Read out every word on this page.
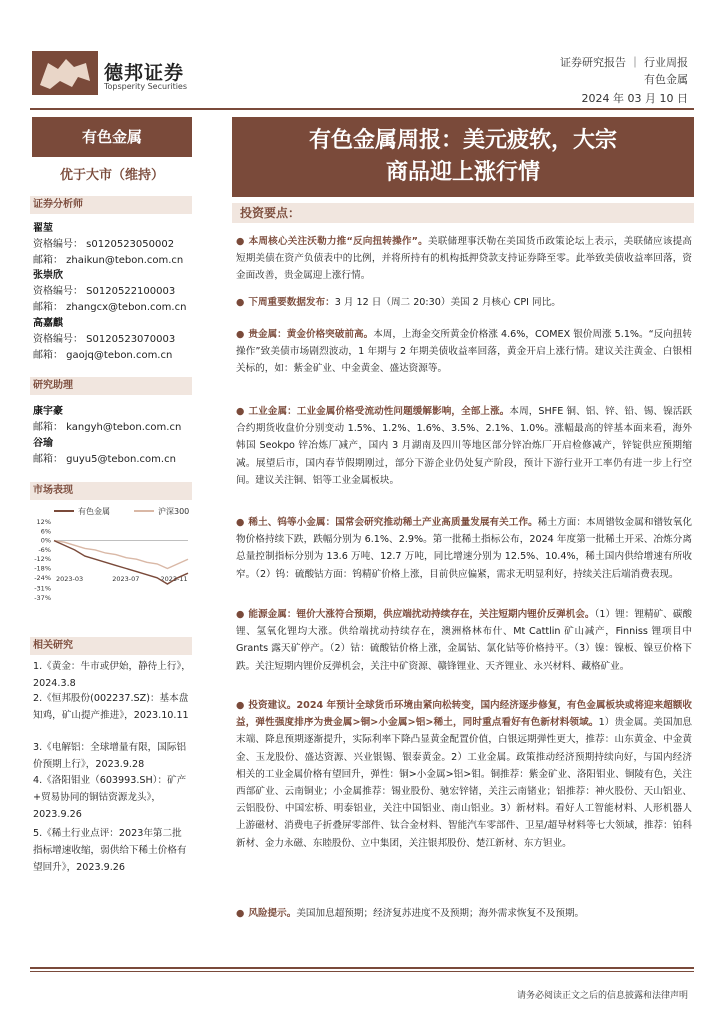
德邦证券
Topsperity Securities
证券研究报告 ｜ 行业周报
有色金属
2024 年 03 月 10 日
有色金属
优于大市（维持）
证券分析师
翟堃
资格编号： s0120523050002
邮箱： zhaikun@tebon.com.cn
张崇欣
资格编号： S0120522100003
邮箱： zhangcx@tebon.com.cn
高嘉麒
资格编号： S0120523070003
邮箱： gaojq@tebon.com.cn
研究助理
康宇豪
邮箱： kangyh@tebon.com.cn
谷瑜
邮箱： guyu5@tebon.com.cn
市场表现
有色金属	沪深300
12%
6%
0%
-6%
-12%
-18%
-24%
-31%
-37%
2023-03	2023-07	2023-11
相关研究
1.《黄金：牛市或伊始，静待上行》，2024.3.8
2.《恒邦股份(002237.SZ)：基本盘知鸡，矿山提产推进》，2023.10.11
3.《电解铝：全球增量有限，国际铝价预期上行》，2023.9.28
4.《洛阳钼业（603993.SH）：矿产+贸易协同的铜钴资源龙头》，2023.9.26
5.《稀土行业点评：2023年第二批指标增速收缩，弱供给下稀土价格有望回升》，2023.9.26
有色金属周报：美元疲软，大宗
商品迎上涨行情
投资要点：
● 本周核心关注沃勒力推“反向扭转操作”。美联储理事沃勒在美国货币政策论坛上表示，美联储应该提高短期美债在资产负债表中的比例，并将所持有的机构抵押贷款支持证券降至零。此举致美债收益率回落，资金面改善，贵金属迎上涨行情。
● 下周重要数据发布：3 月 12 日（周二 20:30）美国 2 月核心 CPI 同比。
● 贵金属：黄金价格突破前高。本周，上海金交所黄金价格涨 4.6%，COMEX 银价周涨 5.1%。“反向扭转操作”致美债市场剧烈波动，1 年期与 2 年期美债收益率回落，黄金开启上涨行情。建议关注黄金、白银相关标的，如：紫金矿业、中金黄金、盛达资源等。
● 工业金属：工业金属价格受流动性问题缓解影响，全部上涨。本周，SHFE 铜、铝、锌、铅、锡、镍活跃合约期货收盘价分别变动 1.5%、1.2%、1.6%、3.5%、2.1%、1.0%。涨幅最高的锌基本面来看，海外韩国 Seokpo 锌冶炼厂减产，国内 3 月湖南及四川等地区部分锌冶炼厂开启检修减产，锌锭供应预期缩减。展望后市，国内春节假期刚过，部分下游企业仍处复产阶段，预计下游行业开工率仍有进一步上行空间。建议关注铜、铝等工业金属板块。
● 稀土、钨等小金属：国常会研究推动稀土产业高质量发展有关工作。稀土方面：本周镨钕金属和镨钕氧化物价格持续下跌，跌幅分别为 6.1%、2.9%。第一批稀土指标公布，2024 年度第一批稀土开采、冶炼分离总量控制指标分别为 13.6 万吨、12.7 万吨，同比增速分别为 12.5%、10.4%，稀土国内供给增速有所收窄。（2）钨：硫酸钴方面：钨精矿价格上涨，目前供应偏紧，需求无明显利好，持续关注后端消费表现。
● 能源金属：锂价大涨符合预期，供应端扰动持续存在，关注短期内锂价反弹机会。（1）锂：锂精矿、碳酸锂、氢氧化锂均大涨。供给端扰动持续存在，澳洲格林布什、Mt Cattlin 矿山减产，Finniss 锂项目中 Grants 露天矿停产。（2）钴：硫酸钴价格上涨，金属钴、氯化钴等价格持平。（3）镍：镍板、镍豆价格下跌。关注短期内锂价反弹机会，关注中矿资源、赣锋锂业、天齐锂业、永兴材料、藏格矿业。
● 投资建议。2024 年预计全球货币环境由紧向松转变，国内经济逐步修复，有色金属板块或将迎来超额收益，弹性强度排序为贵金属>铜>小金属>铝>稀土，同时重点看好有色新材料领域。1）贵金属。美国加息末端、降息预期逐渐提升，实际利率下降凸显黄金配置价值，白银远期弹性更大，推荐：山东黄金、中金黄金、玉龙股份、盛达资源、兴业银锡、银泰黄金。2）工业金属。政策推动经济预期持续向好，与国内经济相关的工业金属价格有望回升，弹性：铜>小金属>铝>钼。铜推荐：紫金矿业、洛阳钼业、铜陵有色，关注西部矿业、云南铜业；小金属推荐：锡业股份、驰宏锌锗，关注云南锗业；铝推荐：神火股份、天山铝业、云铝股份、中国宏桥、明泰铝业，关注中国铝业、南山铝业。3）新材料。看好人工智能材料、人形机器人上游磁材、消费电子折叠屏零部件、钛合金材料、智能汽车零部件、卫星/超导材料等七大领域，推荐：铂科新材、金力永磁、东睦股份、立中集团，关注银邦股份、楚江新材、东方钽业。
● 风险提示。美国加息超预期；经济复苏进度不及预期；海外需求恢复不及预期。
请务必阅读正文之后的信息披露和法律声明
